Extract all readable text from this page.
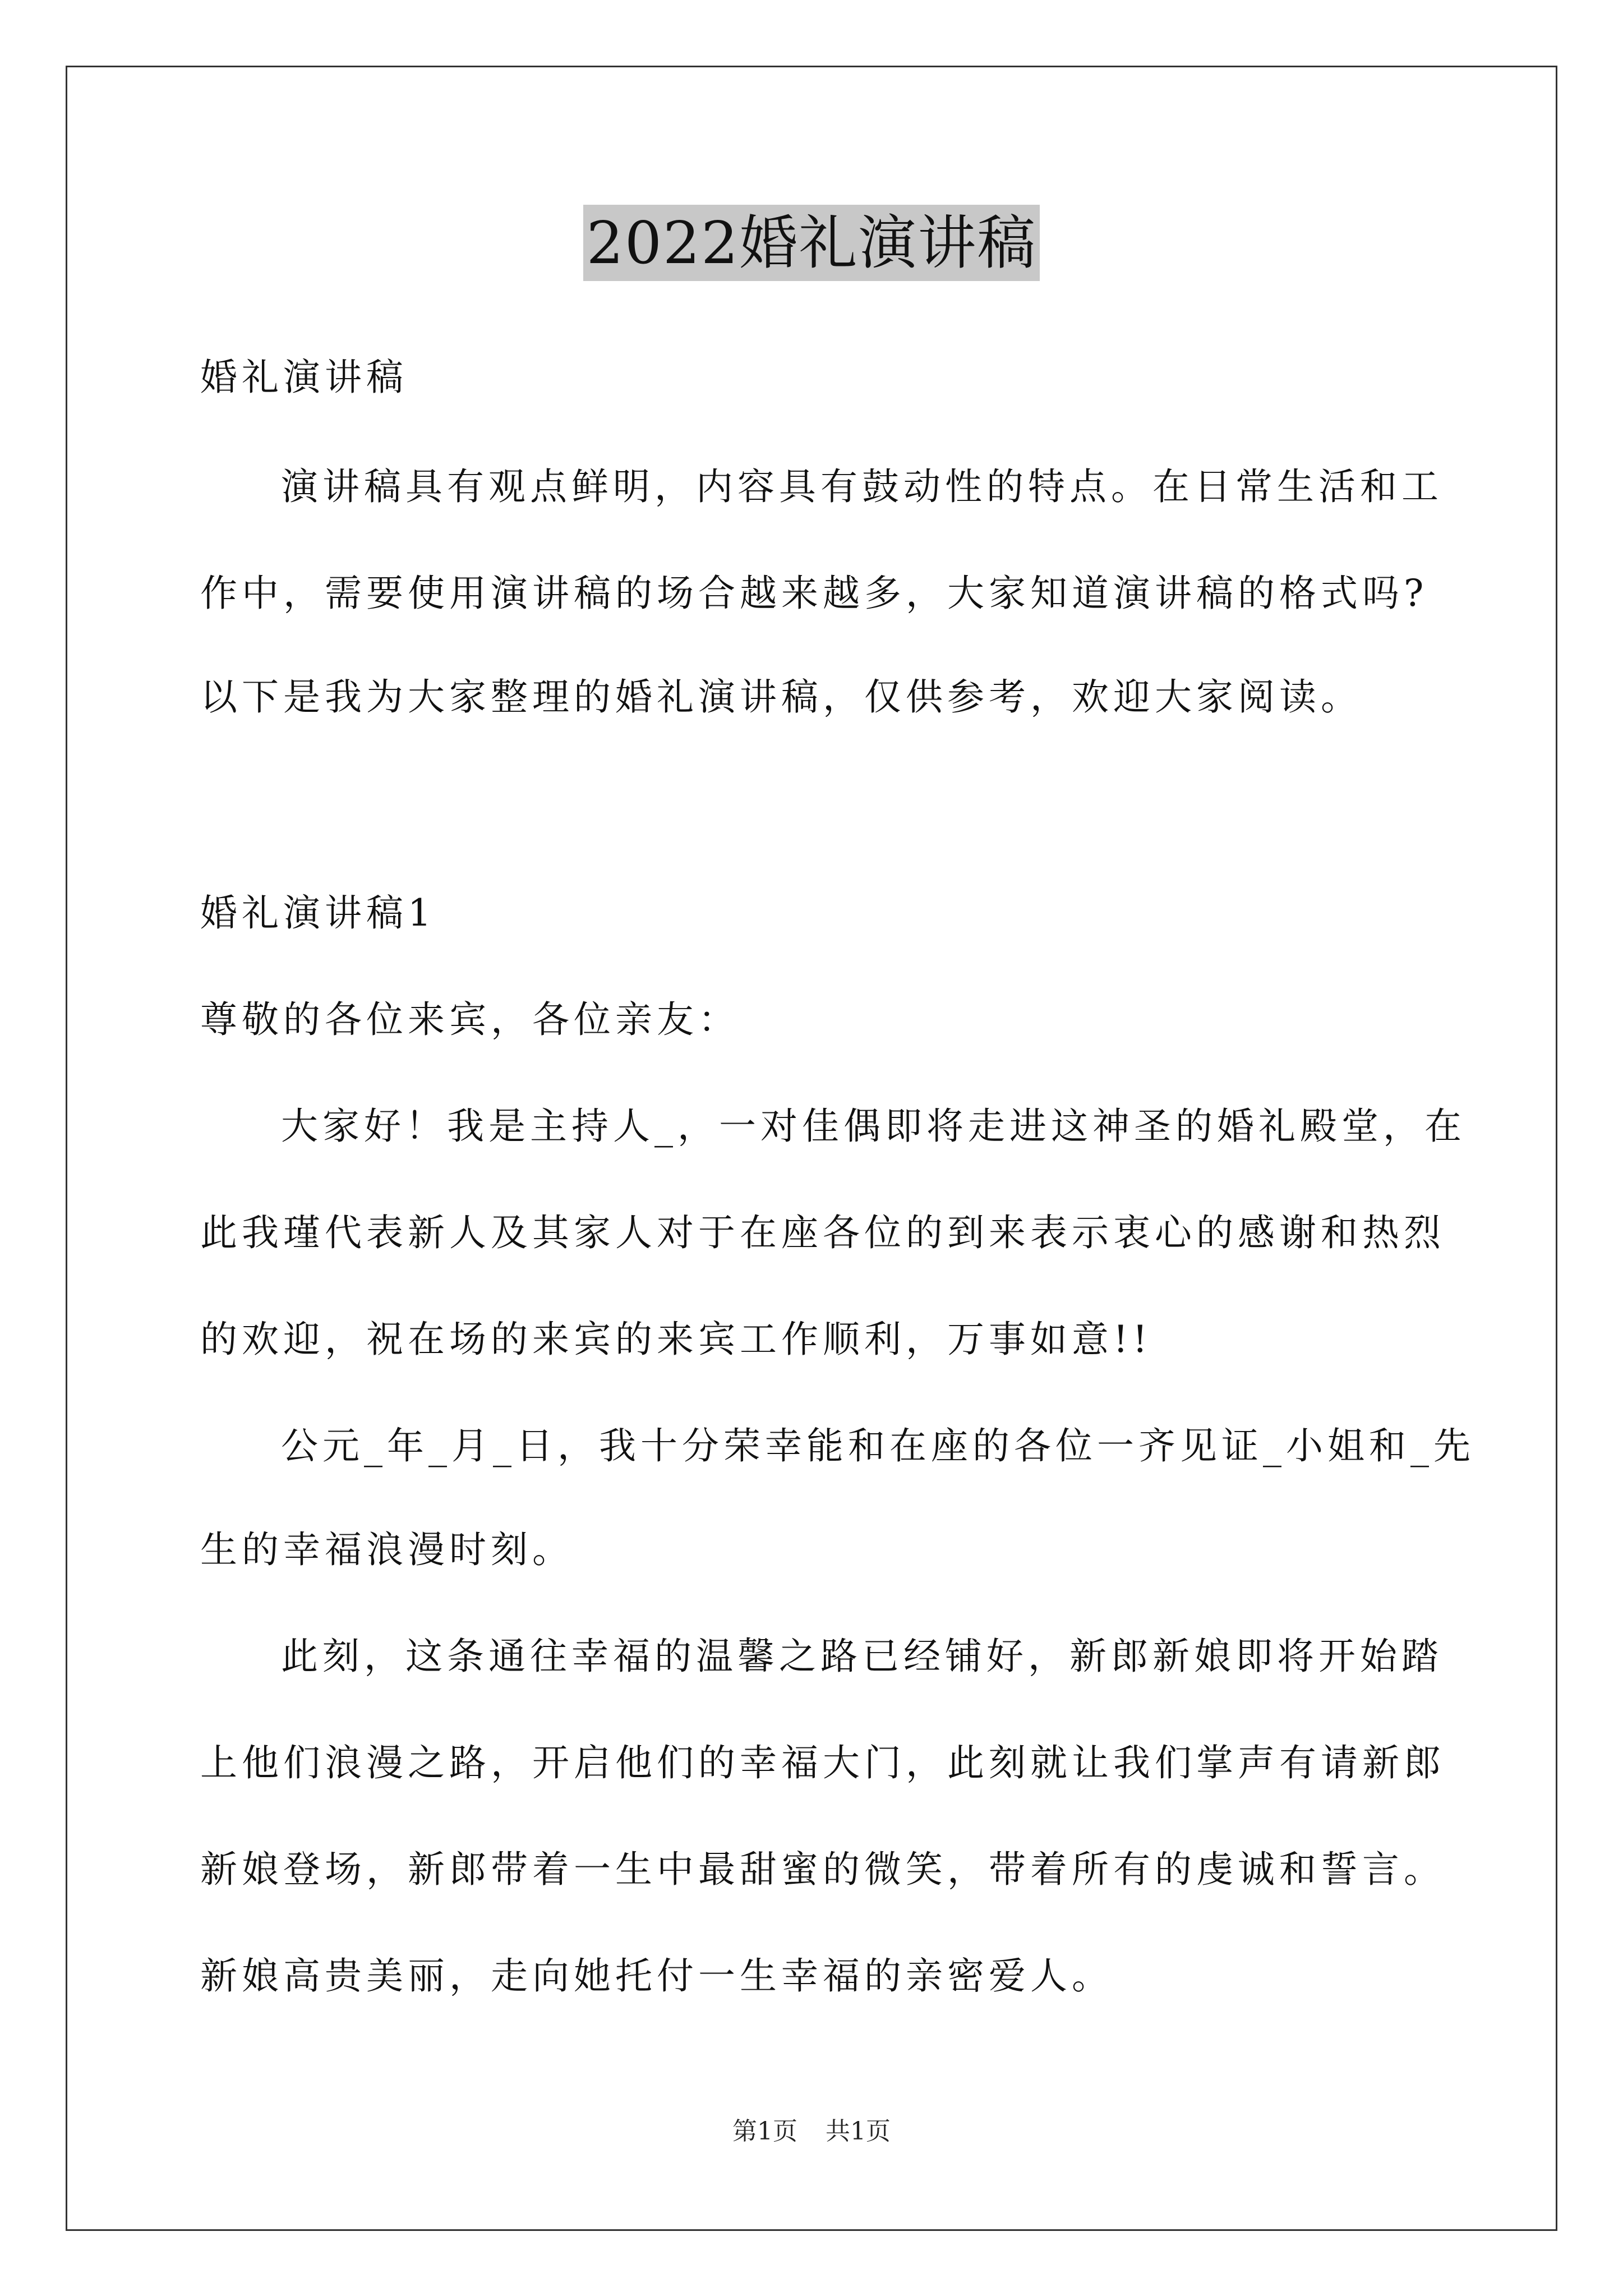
2022婚礼演讲稿
婚礼演讲稿
演讲稿具有观点鲜明，内容具有鼓动性的特点。在日常生活和工
作中，需要使用演讲稿的场合越来越多，大家知道演讲稿的格式吗?
以下是我为大家整理的婚礼演讲稿，仅供参考，欢迎大家阅读。
婚礼演讲稿1
尊敬的各位来宾，各位亲友：
大家好！我是主持人_，一对佳偶即将走进这神圣的婚礼殿堂，在
此我瑾代表新人及其家人对于在座各位的到来表示衷心的感谢和热烈
的欢迎，祝在场的来宾的来宾工作顺利，万事如意!!
公元_年_月_日，我十分荣幸能和在座的各位一齐见证_小姐和_先
生的幸福浪漫时刻。
此刻，这条通往幸福的温馨之路已经铺好，新郎新娘即将开始踏
上他们浪漫之路，开启他们的幸福大门，此刻就让我们掌声有请新郎
新娘登场，新郎带着一生中最甜蜜的微笑，带着所有的虔诚和誓言。
新娘高贵美丽，走向她托付一生幸福的亲密爱人。
第1页 共1页
